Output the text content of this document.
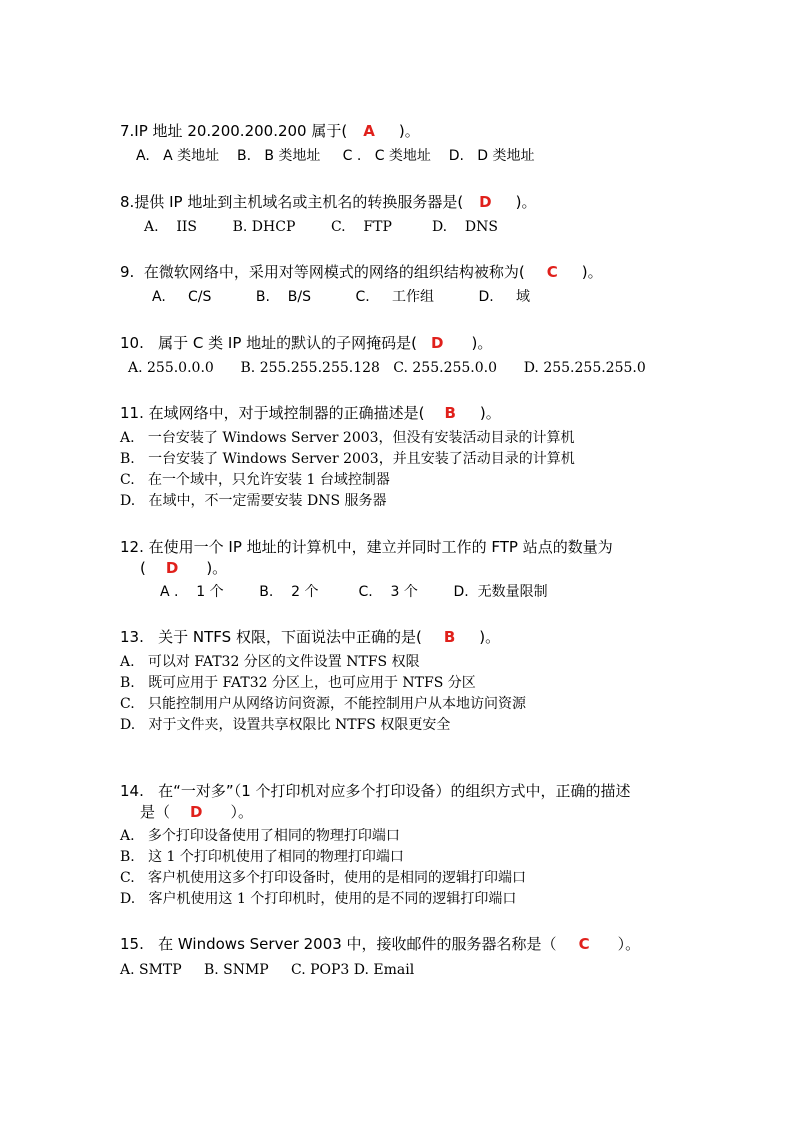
7.IP 地址 20.200.200.200 属于( A )。
A.   A 类地址    B.   B 类地址     C .   C 类地址    D.   D 类地址
8.提供 IP 地址到主机域名或主机名的转换服务器是( D )。
A.    IIS        B. DHCP        C.    FTP         D.    DNS
9.  在微软网络中，采用对等网模式的网络的组织结构被称为( C )。
A.     C/S          B.    B/S          C.     工作组          D.     域
10.   属于 C 类 IP 地址的默认的子网掩码是( D )。
A. 255.0.0.0      B. 255.255.255.128   C. 255.255.0.0      D. 255.255.255.0
11. 在域网络中，对于域控制器的正确描述是( B )。
A.   一台安装了 Windows Server 2003，但没有安装活动目录的计算机
B.   一台安装了 Windows Server 2003，并且安装了活动目录的计算机
C.   在一个域中，只允许安装 1 台域控制器
D.   在域中，不一定需要安装 DNS 服务器
12. 在使用一个 IP 地址的计算机中，建立并同时工作的 FTP 站点的数量为
( D )。
A .    1 个        B.    2 个         C.    3 个        D.  无数量限制
13.   关于 NTFS 权限，下面说法中正确的是( B )。
A.   可以对 FAT32 分区的文件设置 NTFS 权限
B.   既可应用于 FAT32 分区上，也可应用于 NTFS 分区
C.   只能控制用户从网络访问资源，不能控制用户从本地访问资源
D.   对于文件夹，设置共享权限比 NTFS 权限更安全
14.   在“一对多”（1 个打印机对应多个打印设备）的组织方式中，正确的描述
是（ D ）。
A.   多个打印设备使用了相同的物理打印端口
B.   这 1 个打印机使用了相同的物理打印端口
C.   客户机使用这多个打印设备时，使用的是相同的逻辑打印端口
D.   客户机使用这 1 个打印机时，使用的是不同的逻辑打印端口
15.   在 Windows Server 2003 中，接收邮件的服务器名称是（ C ）。
A. SMTP     B. SNMP     C. POP3 D. Email
